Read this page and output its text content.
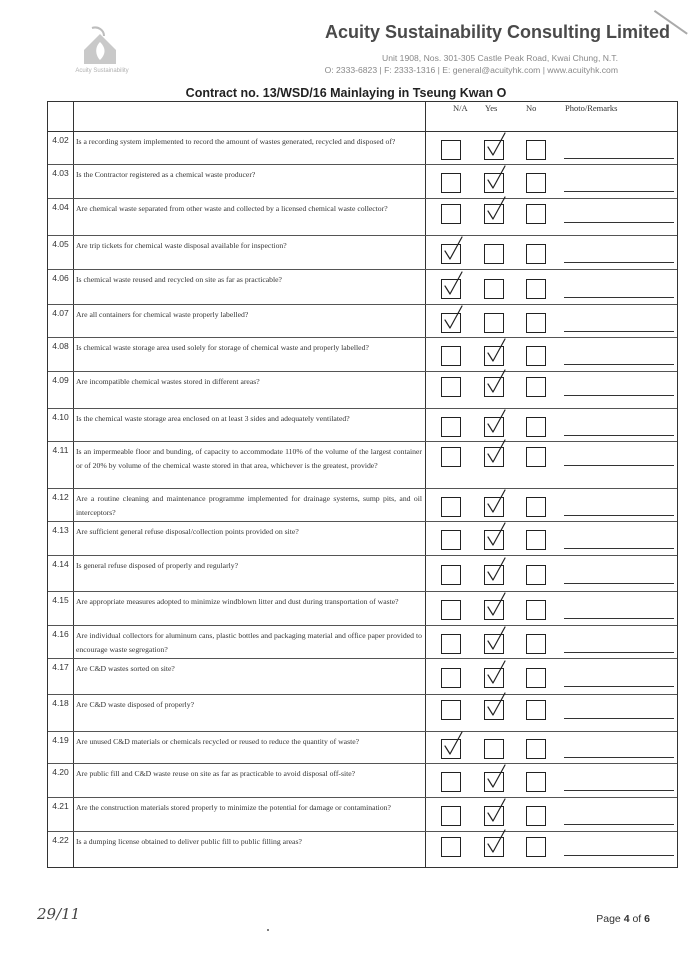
Acuity Sustainability
Acuity Sustainability Consulting Limited
Unit 1908, Nos. 301-305 Castle Peak Road, Kwai Chung, N.T.
O: 2333-6823 | F: 2333-1316 | E: general@acuityhk.com | www.acuityhk.com
Contract no. 13/WSD/16 Mainlaying in Tseung Kwan O
N/A Yes	No	Photo/Remarks
4.02 Is a recording system implemented to record the amount of wastes generated, recycled and disposed of?
4.03 Is the Contractor registered as a chemical waste producer?
4.04 Are chemical waste separated from other waste and collected by a licensed chemical waste collector?
4.05 Are trip tickets for chemical waste disposal available for inspection?
4.06 Is chemical waste reused and recycled on site as far as practicable?
4.07 Are all containers for chemical waste properly labelled?
4.08 Is chemical waste storage area used solely for storage of chemical waste and properly labelled?
4.09 Are incompatible chemical wastes stored in different areas?
4.10 Is the chemical waste storage area enclosed on at least 3 sides and adequately ventilated?
4.11 Is an impermeable floor and bunding, of capacity to accommodate 110% of the volume of the largest container or of 20% by volume of the chemical waste stored in that area, whichever is the greatest, provide?
4.12 Are a routine cleaning and maintenance programme implemented for drainage systems, sump pits, and oil interceptors?
4.13 Are sufficient general refuse disposal/collection points provided on site?
4.14 Is general refuse disposed of properly and regularly?
4.15 Are appropriate measures adopted to minimize windblown litter and dust during transportation of waste?
4.16 Are individual collectors for aluminum cans, plastic bottles and packaging material and office paper provided to encourage waste segregation?
4.17 Are C&D wastes sorted on site?
4.18 Are C&D waste disposed of properly?
4.19 Are unused C&D materials or chemicals recycled or reused to reduce the quantity of waste?
4.20 Are public fill and C&D waste reuse on site as far as practicable to avoid disposal off-site?
4.21 Are the construction materials stored properly to minimize the potential for damage or contamination?
4.22 Is a dumping license obtained to deliver public fill to public filling areas?
29/11	Page 4 of 6
